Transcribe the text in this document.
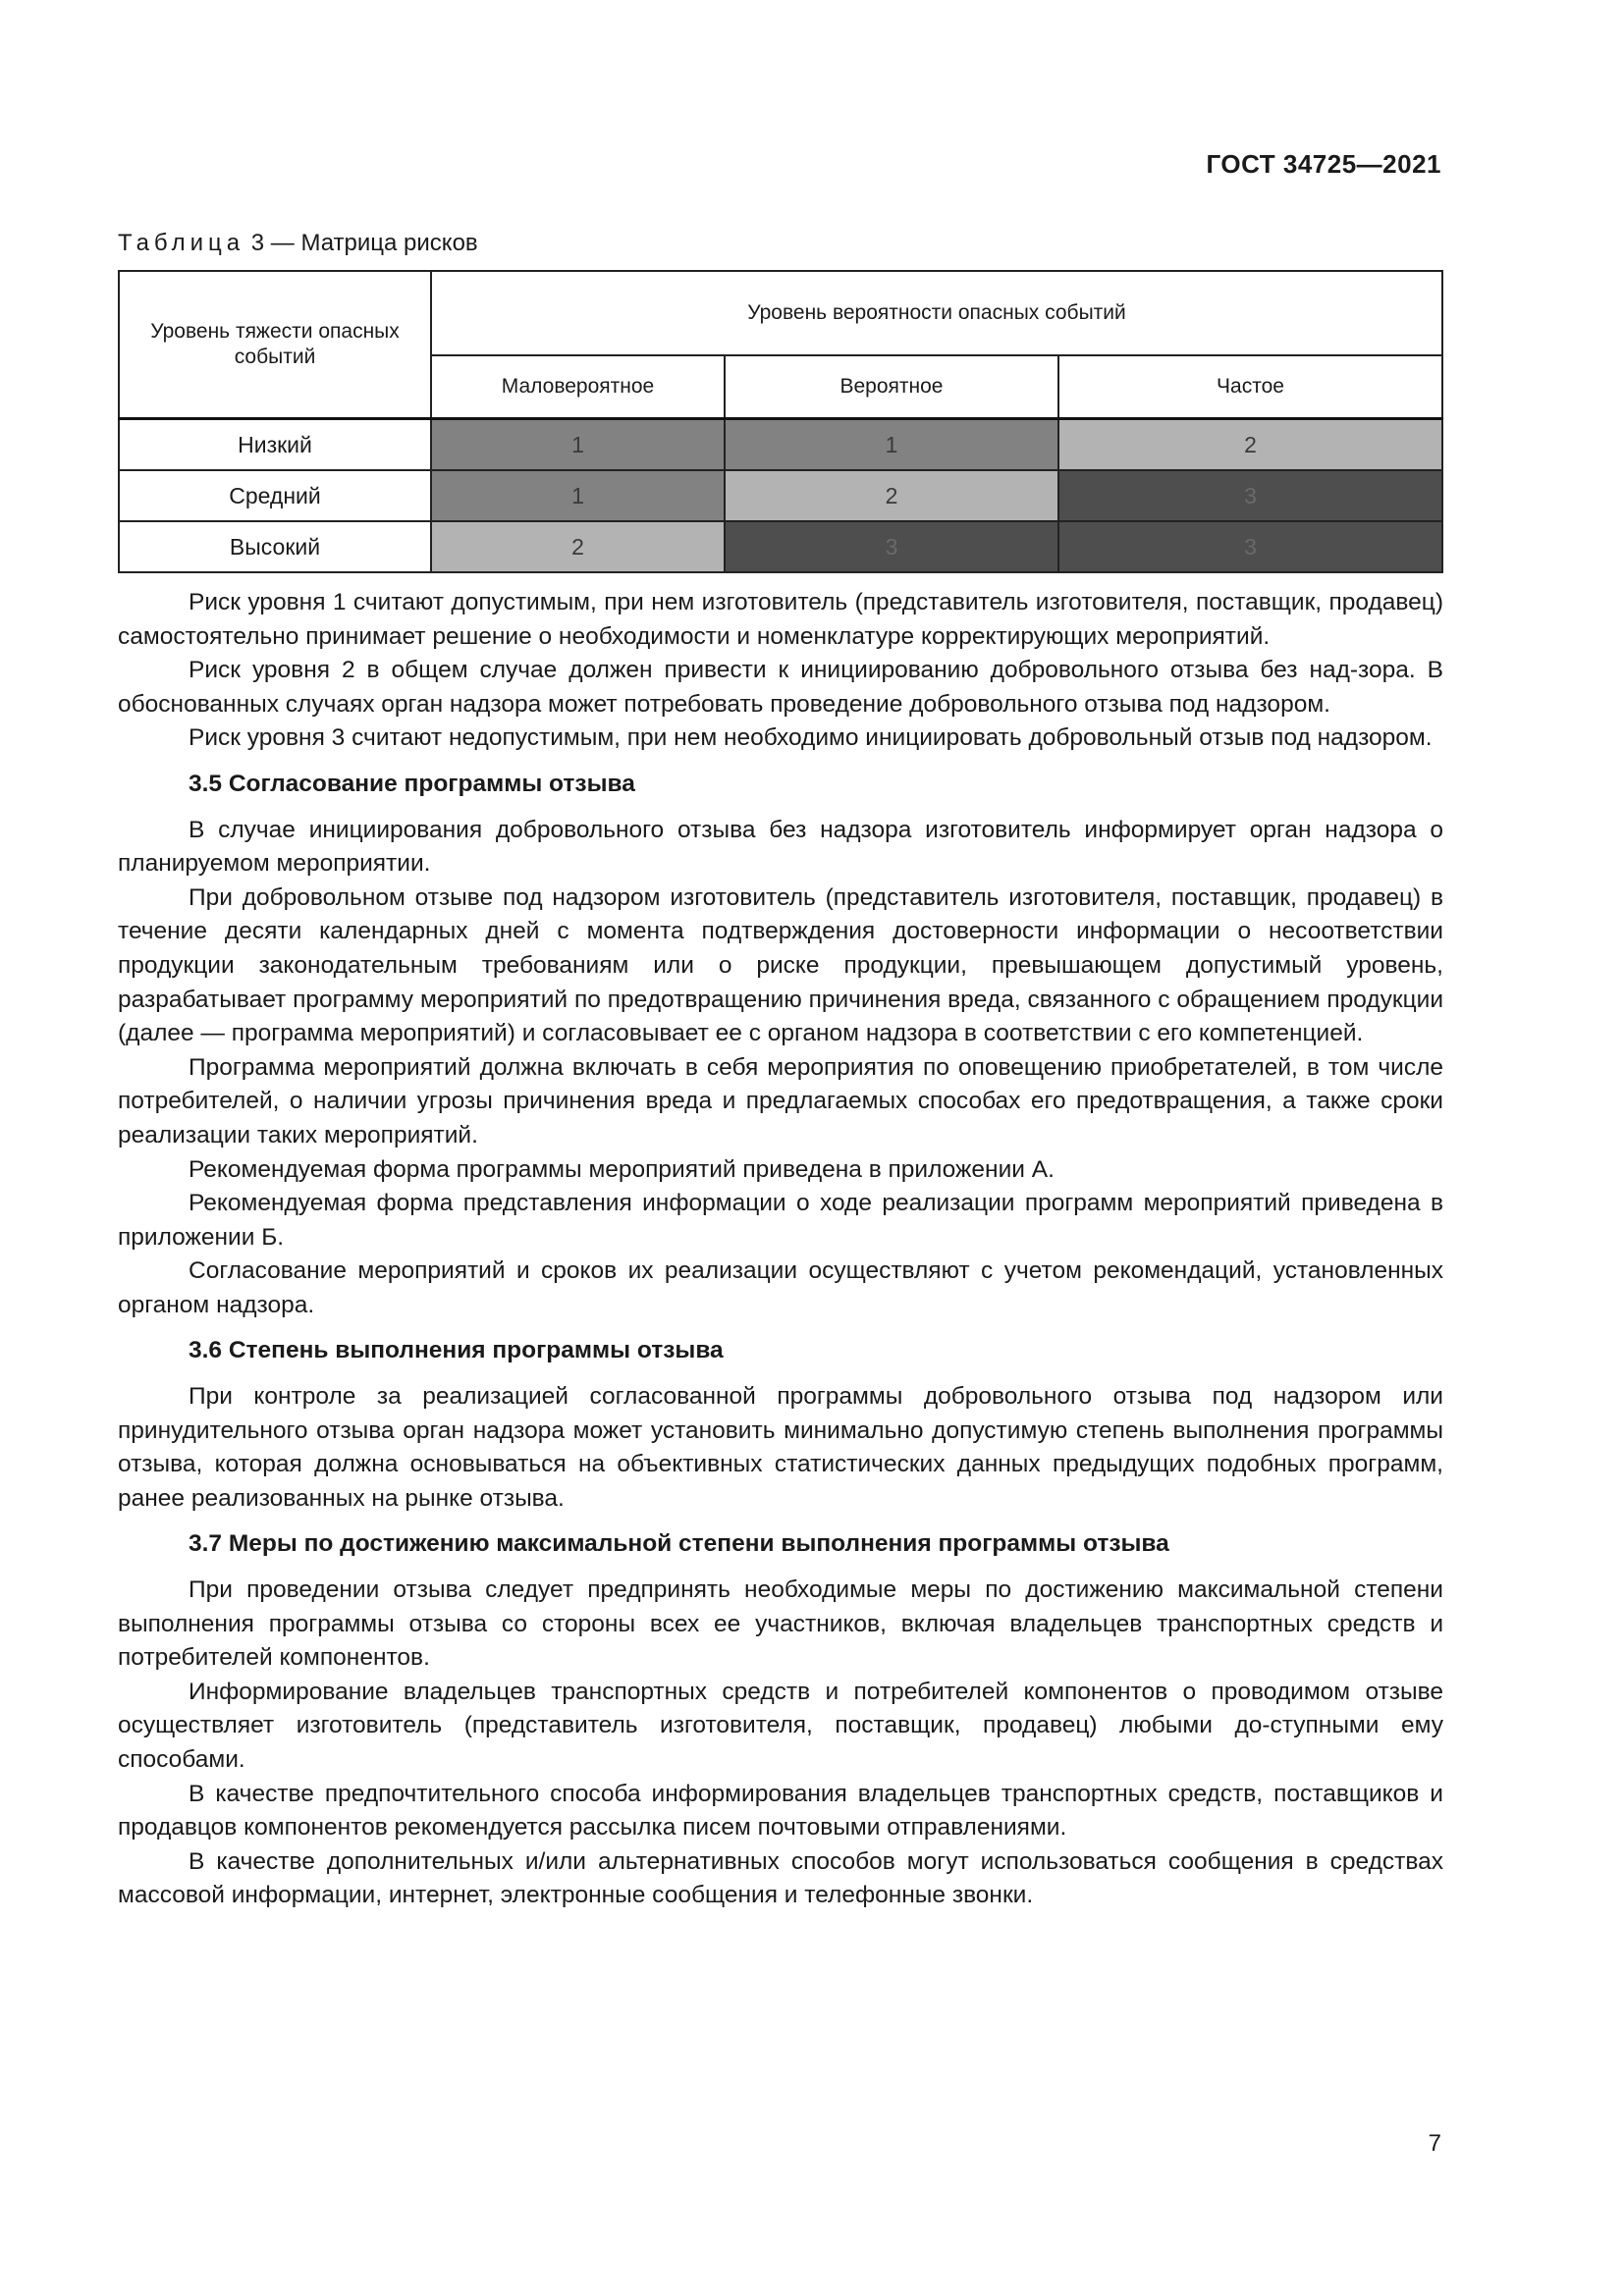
ГОСТ 34725—2021
Таблица 3 — Матрица рисков
Уровень тяжести опасных событий	Уровень вероятности опасных событий		
	Маловероятное	Вероятное	Частое
Низкий	1	1	2
Средний	1	2	3
Высокий	2	3	3

Риск уровня 1 считают допустимым, при нем изготовитель (представитель изготовителя, поставщик, продавец) самостоятельно принимает решение о необходимости и номенклатуре корректирующих мероприятий.

Риск уровня 2 в общем случае должен привести к инициированию добровольного отзыва без над-зора. В обоснованных случаях орган надзора может потребовать проведение добровольного отзыва под надзором.

Риск уровня 3 считают недопустимым, при нем необходимо инициировать добровольный отзыв под надзором.

3.5 Согласование программы отзыва

В случае инициирования добровольного отзыва без надзора изготовитель информирует орган надзора о планируемом мероприятии.

При добровольном отзыве под надзором изготовитель (представитель изготовителя, поставщик, продавец) в течение десяти календарных дней с момента подтверждения достоверности информации о несоответствии продукции законодательным требованиям или о риске продукции, превышающем допустимый уровень, разрабатывает программу мероприятий по предотвращению причинения вреда, связанного с обращением продукции (далее — программа мероприятий) и согласовывает ее с органом надзора в соответствии с его компетенцией.

Программа мероприятий должна включать в себя мероприятия по оповещению приобретателей, в том числе потребителей, о наличии угрозы причинения вреда и предлагаемых способах его предотвращения, а также сроки реализации таких мероприятий.

Рекомендуемая форма программы мероприятий приведена в приложении А.

Рекомендуемая форма представления информации о ходе реализации программ мероприятий приведена в приложении Б.

Согласование мероприятий и сроков их реализации осуществляют с учетом рекомендаций, установленных органом надзора.

3.6 Степень выполнения программы отзыва

При контроле за реализацией согласованной программы добровольного отзыва под надзором или принудительного отзыва орган надзора может установить минимально допустимую степень выполнения программы отзыва, которая должна основываться на объективных статистических данных предыдущих подобных программ, ранее реализованных на рынке отзыва.

3.7 Меры по достижению максимальной степени выполнения программы отзыва

При проведении отзыва следует предпринять необходимые меры по достижению максимальной степени выполнения программы отзыва со стороны всех ее участников, включая владельцев транспортных средств и потребителей компонентов.

Информирование владельцев транспортных средств и потребителей компонентов о проводимом отзыве осуществляет изготовитель (представитель изготовителя, поставщик, продавец) любыми до-ступными ему способами.

В качестве предпочтительного способа информирования владельцев транспортных средств, поставщиков и продавцов компонентов рекомендуется рассылка писем почтовыми отправлениями.

В качестве дополнительных и/или альтернативных способов могут использоваться сообщения в средствах массовой информации, интернет, электронные сообщения и телефонные звонки.

7
